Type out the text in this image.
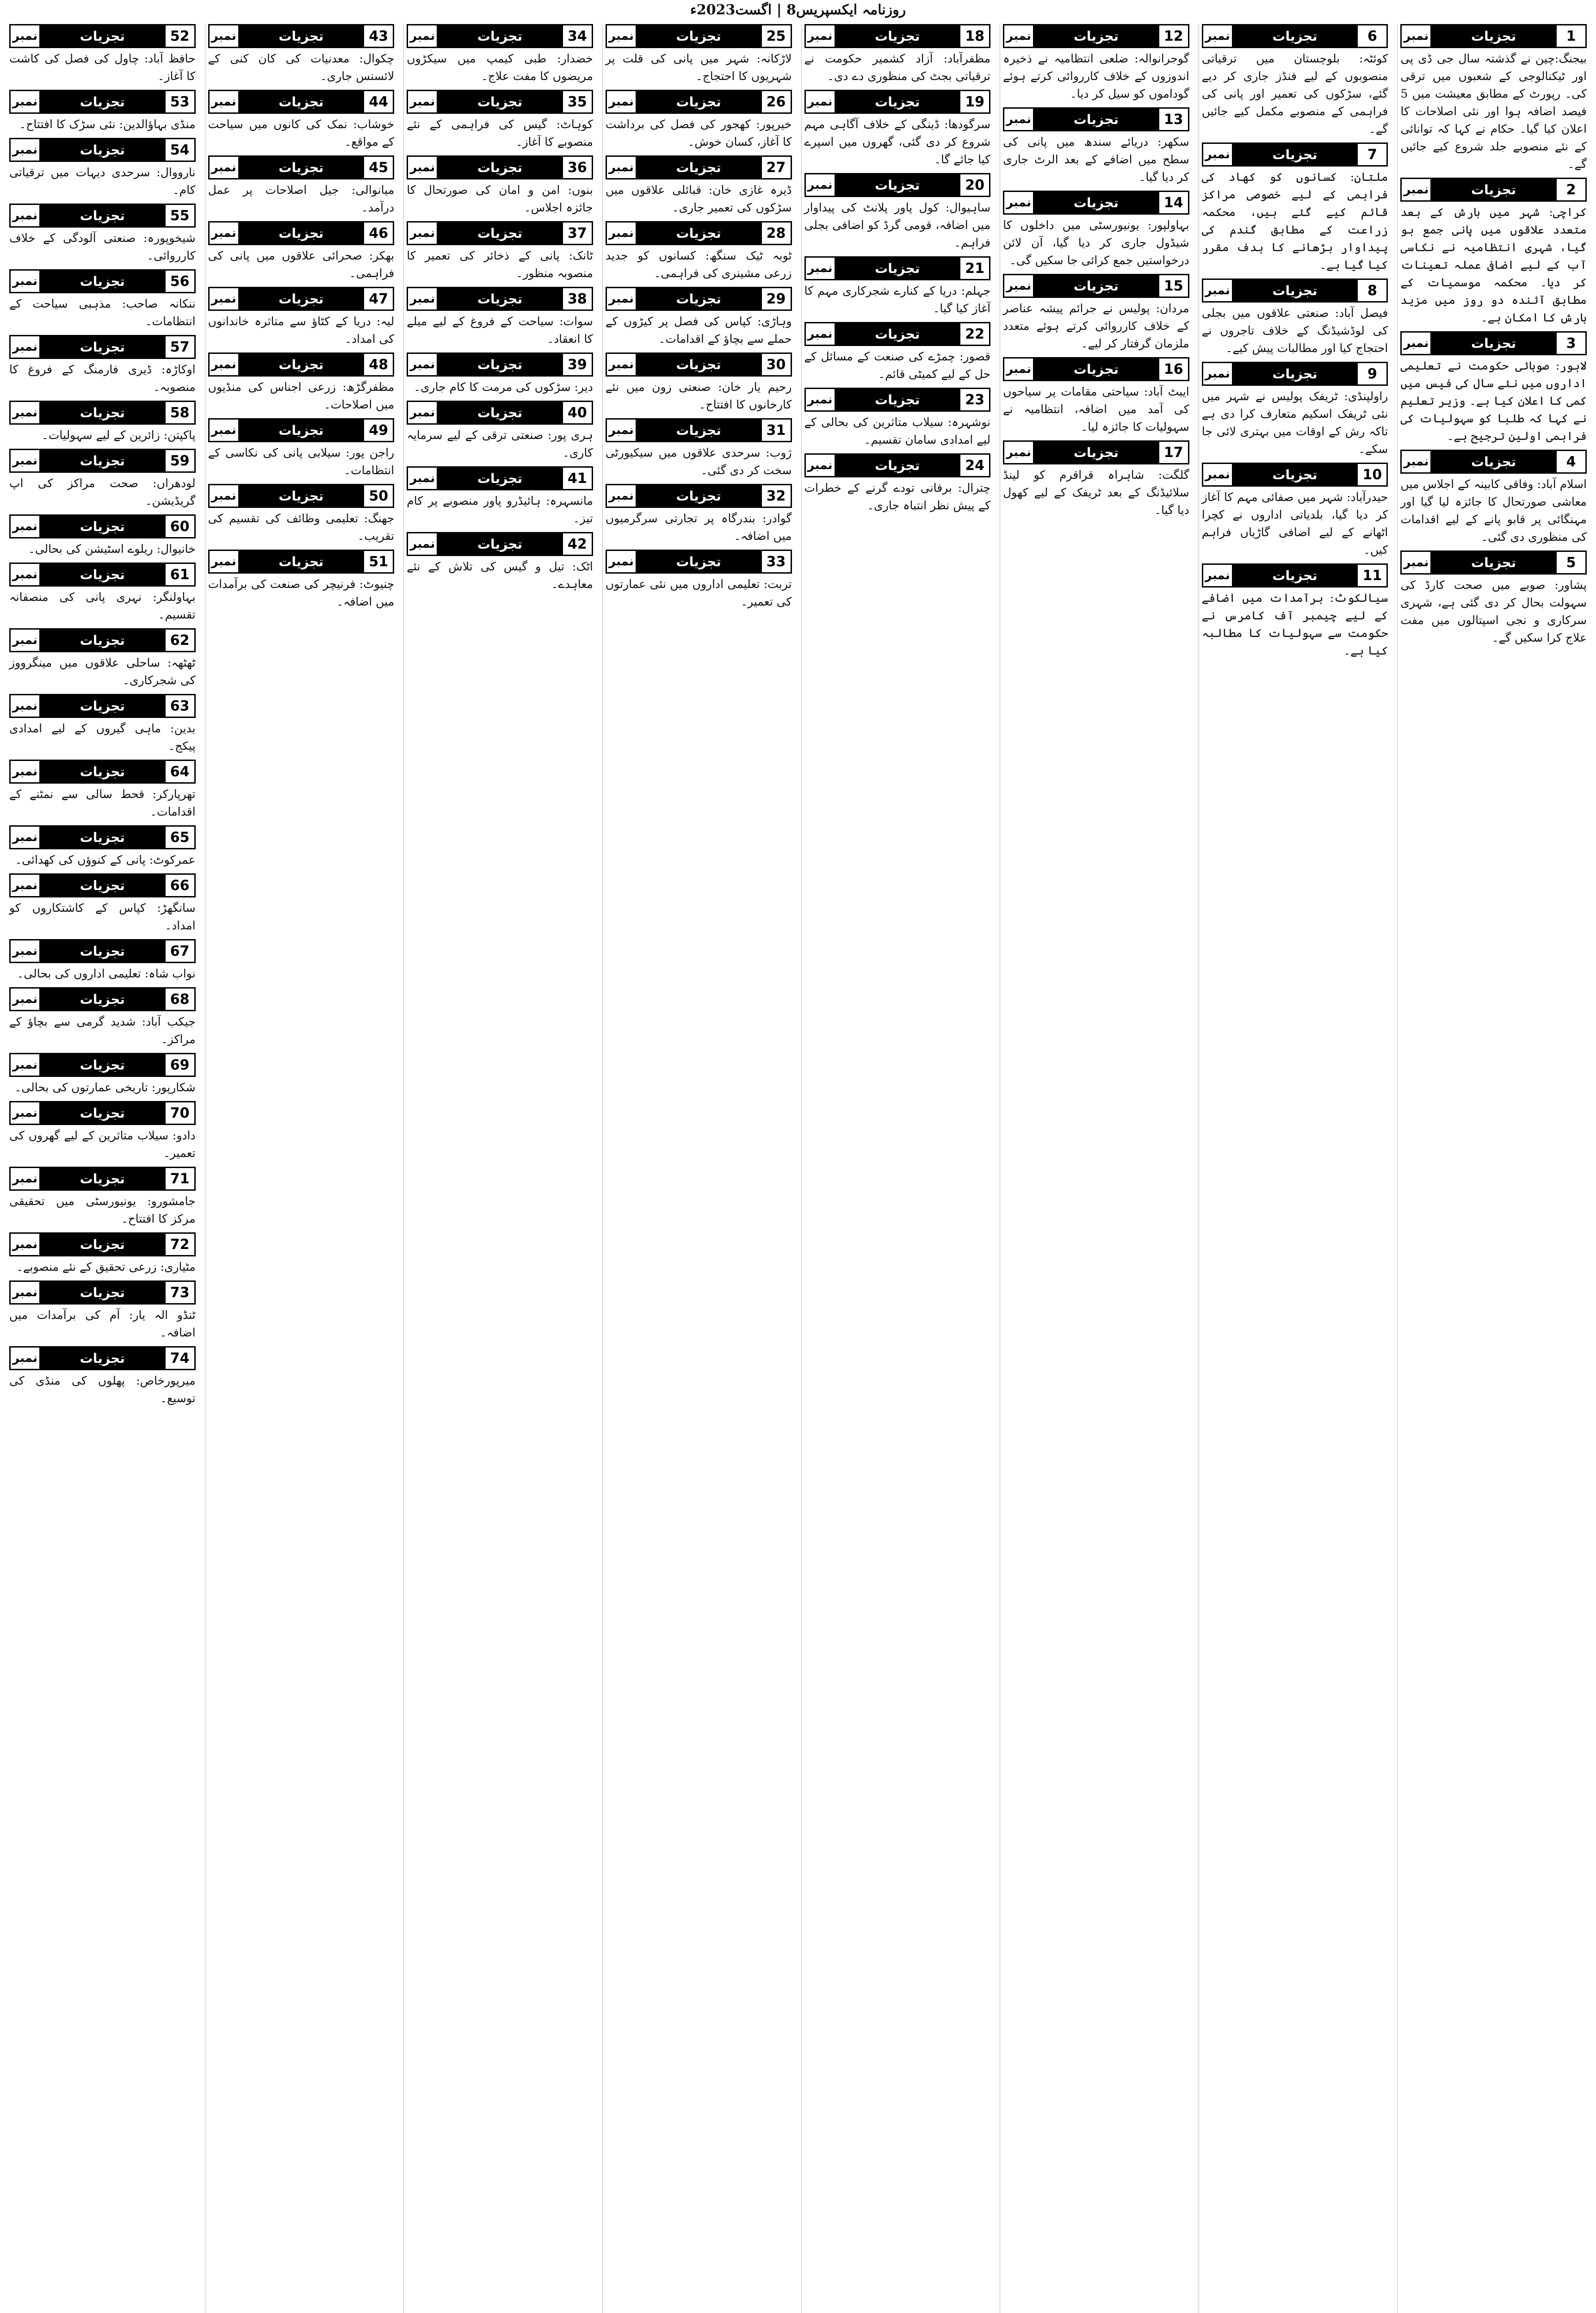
روزنامہ ایکسپریس8 | اگست2023ء
1
تجزیات
نمبر

بیجنگ:چین نے گذشتہ سال جی ڈی پی اور ٹیکنالوجی کے شعبوں میں ترقی کی۔ رپورٹ کے مطابق معیشت میں 5 فیصد اضافہ ہوا اور نئی اصلاحات کا اعلان کیا گیا۔ حکام نے کہا کہ توانائی کے نئے منصوبے جلد شروع کیے جائیں گے۔

2
تجزیات
نمبر

کراچی: شہر میں بارش کے بعد متعدد علاقوں میں پانی جمع ہو گیا، شہری انتظامیہ نے نکاسی آب کے لیے اضافی عملہ تعینات کر دیا۔ محکمہ موسمیات کے مطابق آئندہ دو روز میں مزید بارش کا امکان ہے۔

3
تجزیات
نمبر

لاہور: صوبائی حکومت نے تعلیمی اداروں میں نئے سال کی فیس میں کمی کا اعلان کیا ہے۔ وزیر تعلیم نے کہا کہ طلبا کو سہولیات کی فراہمی اولین ترجیح ہے۔

4
تجزیات
نمبر

اسلام آباد: وفاقی کابینہ کے اجلاس میں معاشی صورتحال کا جائزہ لیا گیا اور مہنگائی پر قابو پانے کے لیے اقدامات کی منظوری دی گئی۔

5
تجزیات
نمبر

پشاور: صوبے میں صحت کارڈ کی سہولت بحال کر دی گئی ہے، شہری سرکاری و نجی اسپتالوں میں مفت علاج کرا سکیں گے۔

6
تجزیات
نمبر

کوئٹہ: بلوچستان میں ترقیاتی منصوبوں کے لیے فنڈز جاری کر دیے گئے، سڑکوں کی تعمیر اور پانی کی فراہمی کے منصوبے مکمل کیے جائیں گے۔

7
تجزیات
نمبر

ملتان: کسانوں کو کھاد کی فراہمی کے لیے خصوصی مراکز قائم کیے گئے ہیں، محکمہ زراعت کے مطابق گندم کی پیداوار بڑھانے کا ہدف مقرر کیا گیا ہے۔

8
تجزیات
نمبر

فیصل آباد: صنعتی علاقوں میں بجلی کی لوڈشیڈنگ کے خلاف تاجروں نے احتجاج کیا اور مطالبات پیش کیے۔

9
تجزیات
نمبر

راولپنڈی: ٹریفک پولیس نے شہر میں نئی ٹریفک اسکیم متعارف کرا دی ہے تاکہ رش کے اوقات میں بہتری لائی جا سکے۔

10
تجزیات
نمبر

حیدرآباد: شہر میں صفائی مہم کا آغاز کر دیا گیا، بلدیاتی اداروں نے کچرا اٹھانے کے لیے اضافی گاڑیاں فراہم کیں۔

11
تجزیات
نمبر

سیالکوٹ: برآمدات میں اضافے کے لیے چیمبر آف کامرس نے حکومت سے سہولیات کا مطالبہ کیا ہے۔

12
تجزیات
نمبر

گوجرانوالہ: ضلعی انتظامیہ نے ذخیرہ اندوزوں کے خلاف کارروائی کرتے ہوئے گوداموں کو سیل کر دیا۔

13
تجزیات
نمبر

سکھر: دریائے سندھ میں پانی کی سطح میں اضافے کے بعد الرٹ جاری کر دیا گیا۔

14
تجزیات
نمبر

بہاولپور: یونیورسٹی میں داخلوں کا شیڈول جاری کر دیا گیا، آن لائن درخواستیں جمع کرائی جا سکیں گی۔

15
تجزیات
نمبر

مردان: پولیس نے جرائم پیشہ عناصر کے خلاف کارروائی کرتے ہوئے متعدد ملزمان گرفتار کر لیے۔

16
تجزیات
نمبر

ایبٹ آباد: سیاحتی مقامات پر سیاحوں کی آمد میں اضافہ، انتظامیہ نے سہولیات کا جائزہ لیا۔

17
تجزیات
نمبر

گلگت: شاہراہ قراقرم کو لینڈ سلائیڈنگ کے بعد ٹریفک کے لیے کھول دیا گیا۔

18
تجزیات
نمبر

مظفرآباد: آزاد کشمیر حکومت نے ترقیاتی بجٹ کی منظوری دے دی۔

19
تجزیات
نمبر

سرگودھا: ڈینگی کے خلاف آگاہی مہم شروع کر دی گئی، گھروں میں اسپرے کیا جائے گا۔

20
تجزیات
نمبر

ساہیوال: کول پاور پلانٹ کی پیداوار میں اضافہ، قومی گرڈ کو اضافی بجلی فراہم۔

21
تجزیات
نمبر

جہلم: دریا کے کنارے شجرکاری مہم کا آغاز کیا گیا۔

22
تجزیات
نمبر

قصور: چمڑے کی صنعت کے مسائل کے حل کے لیے کمیٹی قائم۔

23
تجزیات
نمبر

نوشہرہ: سیلاب متاثرین کی بحالی کے لیے امدادی سامان تقسیم۔

24
تجزیات
نمبر

چترال: برفانی تودے گرنے کے خطرات کے پیش نظر انتباہ جاری۔

25
تجزیات
نمبر

لاڑکانہ: شہر میں پانی کی قلت پر شہریوں کا احتجاج۔

26
تجزیات
نمبر

خیرپور: کھجور کی فصل کی برداشت کا آغاز، کسان خوش۔

27
تجزیات
نمبر

ڈیرہ غازی خان: قبائلی علاقوں میں سڑکوں کی تعمیر جاری۔

28
تجزیات
نمبر

ٹوبہ ٹیک سنگھ: کسانوں کو جدید زرعی مشینری کی فراہمی۔

29
تجزیات
نمبر

وہاڑی: کپاس کی فصل پر کیڑوں کے حملے سے بچاؤ کے اقدامات۔

30
تجزیات
نمبر

رحیم یار خان: صنعتی زون میں نئے کارخانوں کا افتتاح۔

31
تجزیات
نمبر

ژوب: سرحدی علاقوں میں سیکیورٹی سخت کر دی گئی۔

32
تجزیات
نمبر

گوادر: بندرگاہ پر تجارتی سرگرمیوں میں اضافہ۔

33
تجزیات
نمبر

تربت: تعلیمی اداروں میں نئی عمارتوں کی تعمیر۔

34
تجزیات
نمبر

خضدار: طبی کیمپ میں سیکڑوں مریضوں کا مفت علاج۔

35
تجزیات
نمبر

کوہاٹ: گیس کی فراہمی کے نئے منصوبے کا آغاز۔

36
تجزیات
نمبر

بنوں: امن و امان کی صورتحال کا جائزہ اجلاس۔

37
تجزیات
نمبر

ٹانک: پانی کے ذخائر کی تعمیر کا منصوبہ منظور۔

38
تجزیات
نمبر

سوات: سیاحت کے فروغ کے لیے میلے کا انعقاد۔

39
تجزیات
نمبر

دیر: سڑکوں کی مرمت کا کام جاری۔

40
تجزیات
نمبر

ہری پور: صنعتی ترقی کے لیے سرمایہ کاری۔

41
تجزیات
نمبر

مانسہرہ: ہائیڈرو پاور منصوبے پر کام تیز۔

42
تجزیات
نمبر

اٹک: تیل و گیس کی تلاش کے نئے معاہدے۔

43
تجزیات
نمبر

چکوال: معدنیات کی کان کنی کے لائسنس جاری۔

44
تجزیات
نمبر

خوشاب: نمک کی کانوں میں سیاحت کے مواقع۔

45
تجزیات
نمبر

میانوالی: جیل اصلاحات پر عمل درآمد۔

46
تجزیات
نمبر

بھکر: صحرائی علاقوں میں پانی کی فراہمی۔

47
تجزیات
نمبر

لیہ: دریا کے کٹاؤ سے متاثرہ خاندانوں کی امداد۔

48
تجزیات
نمبر

مظفرگڑھ: زرعی اجناس کی منڈیوں میں اصلاحات۔

49
تجزیات
نمبر

راجن پور: سیلابی پانی کی نکاسی کے انتظامات۔

50
تجزیات
نمبر

جھنگ: تعلیمی وظائف کی تقسیم کی تقریب۔

51
تجزیات
نمبر

چنیوٹ: فرنیچر کی صنعت کی برآمدات میں اضافہ۔

52
تجزیات
نمبر

حافظ آباد: چاول کی فصل کی کاشت کا آغاز۔

53
تجزیات
نمبر

منڈی بہاؤالدین: نئی سڑک کا افتتاح۔

54
تجزیات
نمبر

نارووال: سرحدی دیہات میں ترقیاتی کام۔

55
تجزیات
نمبر

شیخوپورہ: صنعتی آلودگی کے خلاف کارروائی۔

56
تجزیات
نمبر

ننکانہ صاحب: مذہبی سیاحت کے انتظامات۔

57
تجزیات
نمبر

اوکاڑہ: ڈیری فارمنگ کے فروغ کا منصوبہ۔

58
تجزیات
نمبر

پاکپتن: زائرین کے لیے سہولیات۔

59
تجزیات
نمبر

لودھراں: صحت مراکز کی اپ گریڈیشن۔

60
تجزیات
نمبر

خانیوال: ریلوے اسٹیشن کی بحالی۔

61
تجزیات
نمبر

بہاولنگر: نہری پانی کی منصفانہ تقسیم۔

62
تجزیات
نمبر

ٹھٹھہ: ساحلی علاقوں میں مینگرووز کی شجرکاری۔

63
تجزیات
نمبر

بدین: ماہی گیروں کے لیے امدادی پیکج۔

64
تجزیات
نمبر

تھرپارکر: قحط سالی سے نمٹنے کے اقدامات۔

65
تجزیات
نمبر

عمرکوٹ: پانی کے کنوؤں کی کھدائی۔

66
تجزیات
نمبر

سانگھڑ: کپاس کے کاشتکاروں کو امداد۔

67
تجزیات
نمبر

نواب شاہ: تعلیمی اداروں کی بحالی۔

68
تجزیات
نمبر

جیکب آباد: شدید گرمی سے بچاؤ کے مراکز۔

69
تجزیات
نمبر

شکارپور: تاریخی عمارتوں کی بحالی۔

70
تجزیات
نمبر

دادو: سیلاب متاثرین کے لیے گھروں کی تعمیر۔

71
تجزیات
نمبر

جامشورو: یونیورسٹی میں تحقیقی مرکز کا افتتاح۔

72
تجزیات
نمبر

مٹیاری: زرعی تحقیق کے نئے منصوبے۔

73
تجزیات
نمبر

ٹنڈو الہ یار: آم کی برآمدات میں اضافہ۔

74
تجزیات
نمبر

میرپورخاص: پھلوں کی منڈی کی توسیع۔
